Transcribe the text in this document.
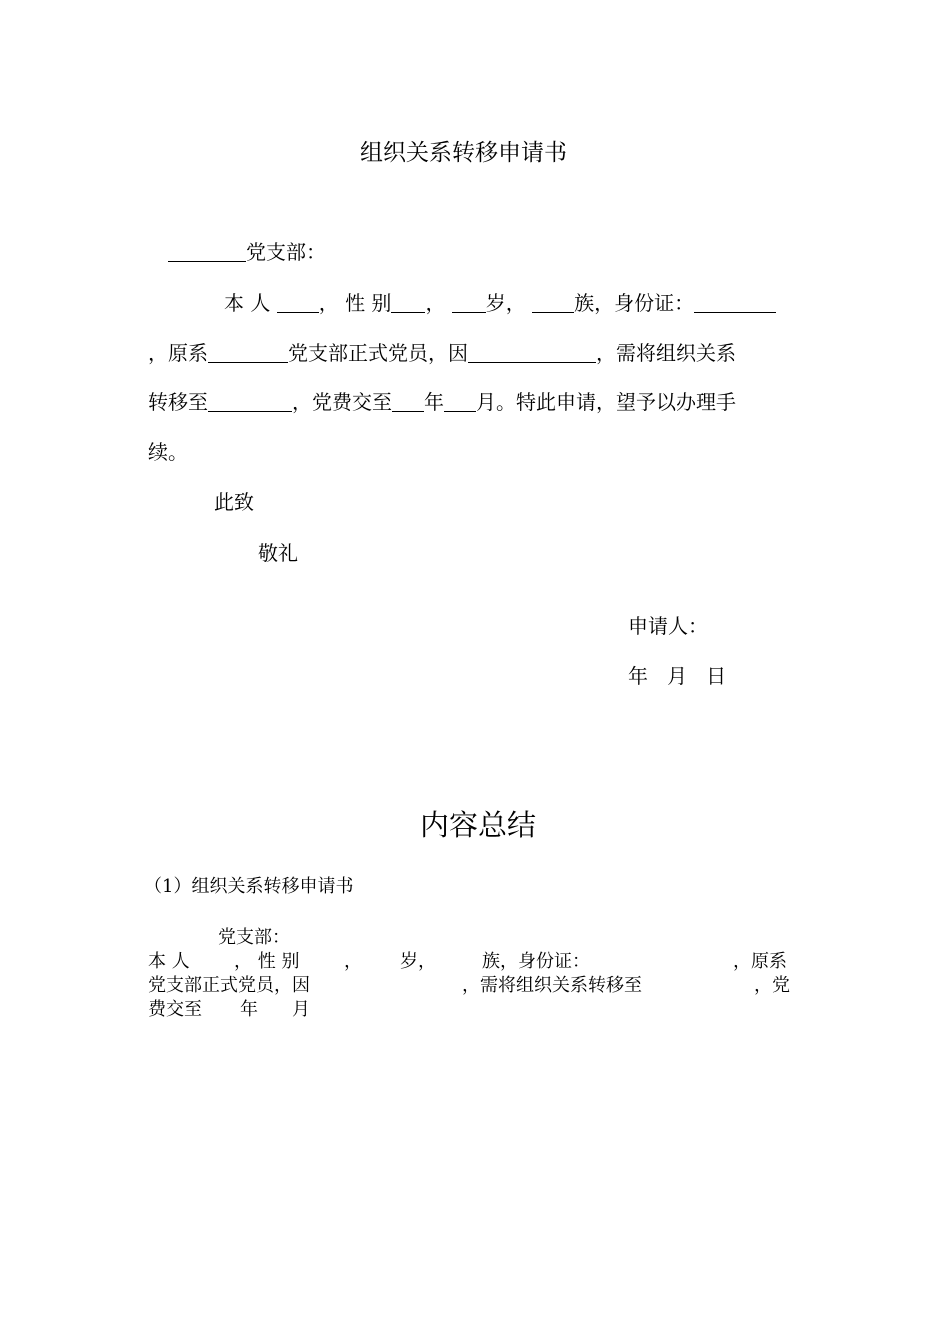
组织关系转移申请书
党支部：
本 人 ， 性 别 ， 岁， 族，身份证：
，原系	党支部正式党员，因	，需将组织关系
转移至	，党费交至 年 月。特此申请，望予以办理手
续。
此致
敬礼
申请人：
年   月   日
内容总结
（1）组织关系转移申请书
党支部：
本 人 ， 性 别 ， 岁，	族，身份证：	，原系
党支部正式党员，因	，需将组织关系转移至	，党
费交至 年 月
